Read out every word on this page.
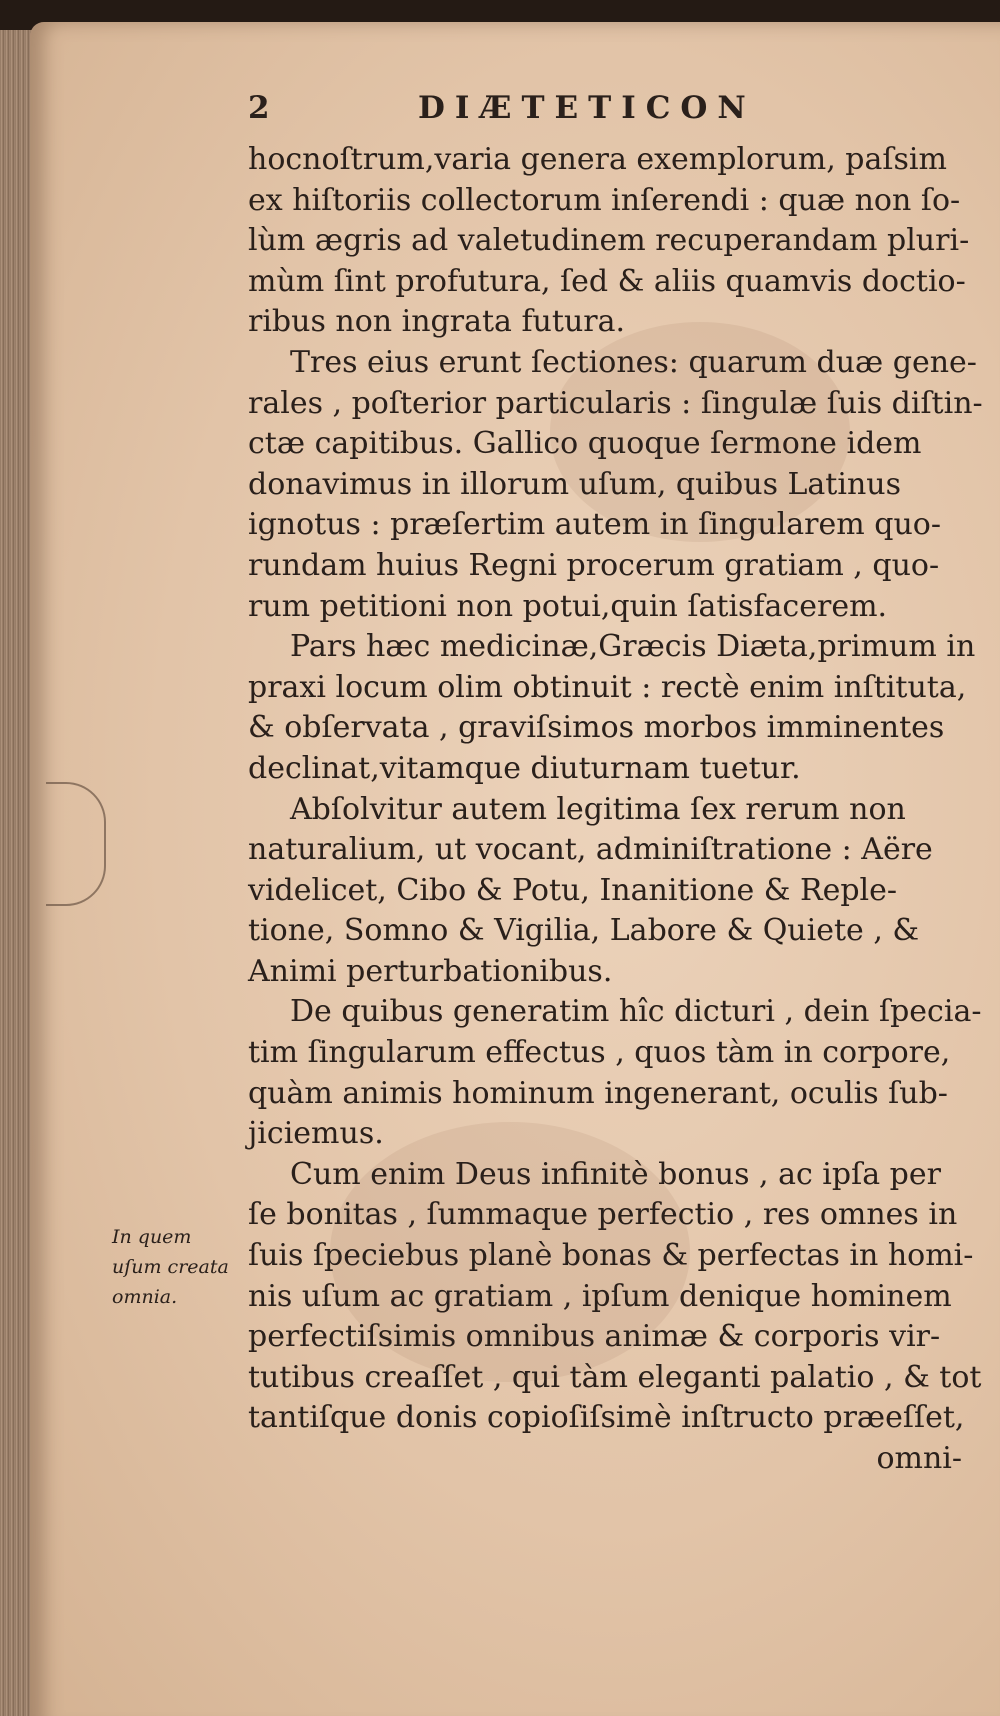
2	DIÆTETICON
hocnoſtrum,varia genera exemplorum, paſsim
ex hiſtoriis collectorum inſerendi : quæ non ſo-
lùm ægris ad valetudinem recuperandam pluri-
mùm ſint profutura, ſed & aliis quamvis doctio-
ribus non ingrata futura.
Tres eius erunt ſectiones: quarum duæ gene-
rales , poſterior particularis : ſingulæ ſuis diſtin-
ctæ capitibus. Gallico quoque ſermone idem
donavimus in illorum uſum, quibus Latinus
ignotus : præſertim autem in ſingularem quo-
rundam huius Regni procerum gratiam , quo-
rum petitioni non potui,quin ſatisfacerem.
Pars hæc medicinæ,Græcis Diæta,primum in
praxi locum olim obtinuit : rectè enim inſtituta,
& obſervata , graviſsimos morbos imminentes
declinat,vitamque diuturnam tuetur.
Abſolvitur autem legitima ſex rerum non
naturalium, ut vocant, adminiſtratione : Aëre
videlicet, Cibo & Potu, Inanitione & Reple-
tione, Somno & Vigilia, Labore & Quiete , &
Animi perturbationibus.
De quibus generatim hîc dicturi , dein ſpecia-
tim ſingularum effectus , quos tàm in corpore,
quàm animis hominum ingenerant, oculis ſub-
jiciemus.
Cum enim Deus infinitè bonus , ac ipſa per
ſe bonitas , ſummaque perfectio , res omnes in
ſuis ſpeciebus planè bonas & perfectas in homi-
nis uſum ac gratiam , ipſum denique hominem
perfectiſsimis omnibus animæ & corporis vir-
tutibus creaſſet , qui tàm eleganti palatio , & tot
tantiſque donis copioſiſsimè inſtructo præeſſet,
omni-
In quem
uſum creata
omnia.
